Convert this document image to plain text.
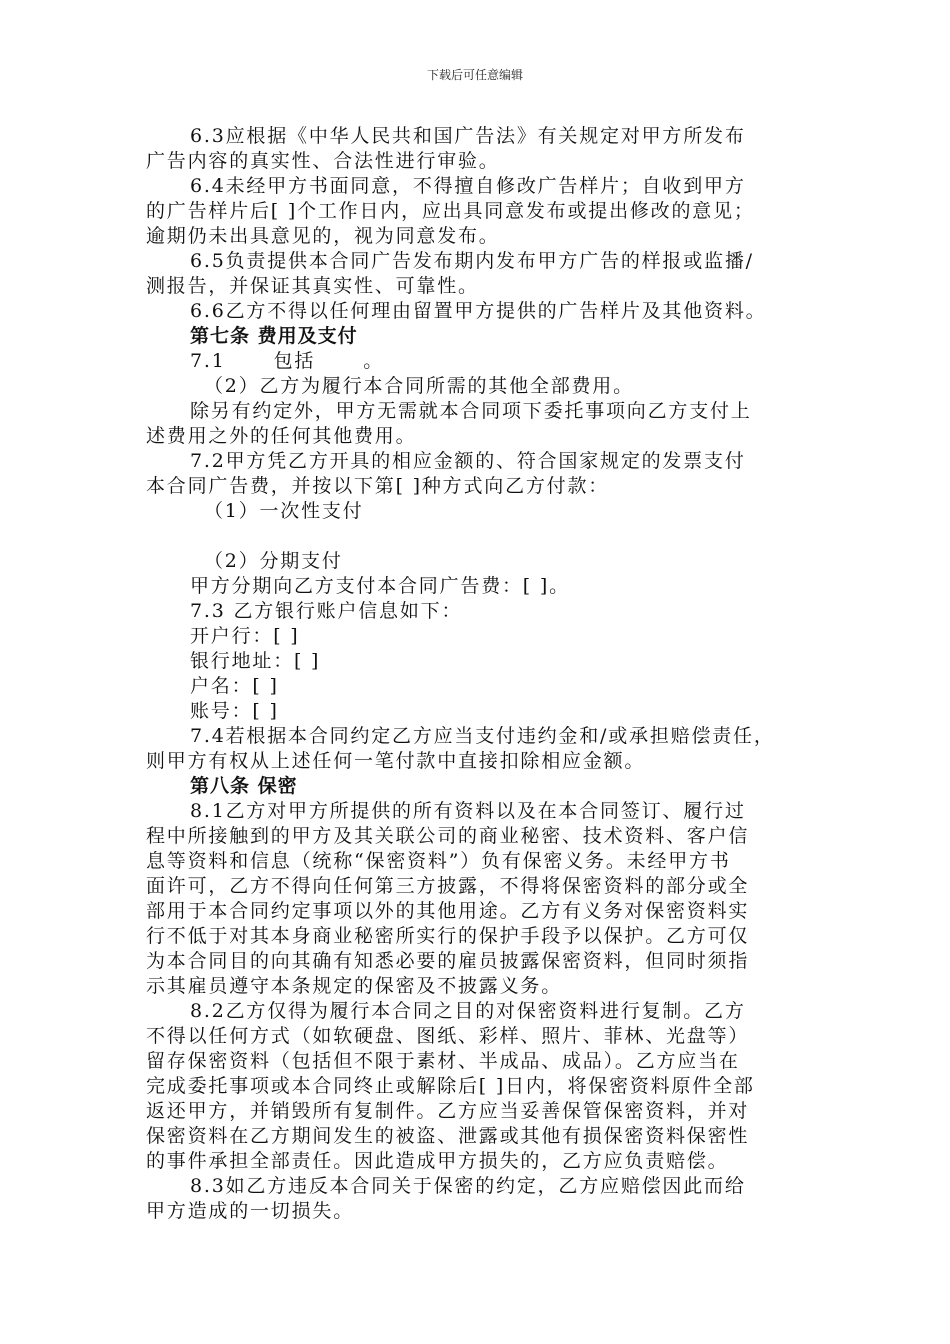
下载后可任意编辑
6.3应根据《中华人民共和国广告法》有关规定对甲方所发布
广告内容的真实性、合法性进行审验。
6.4未经甲方书面同意，不得擅自修改广告样片；自收到甲方
的广告样片后[ ]个工作日内，应出具同意发布或提出修改的意见；
逾期仍未出具意见的，视为同意发布。
6.5负责提供本合同广告发布期内发布甲方广告的样报或监播/
测报告，并保证其真实性、可靠性。
6.6乙方不得以任何理由留置甲方提供的广告样片及其他资料。
第七条 费用及支付
7.1	包括	。
（2）乙方为履行本合同所需的其他全部费用。
除另有约定外，甲方无需就本合同项下委托事项向乙方支付上
述费用之外的任何其他费用。
7.2甲方凭乙方开具的相应金额的、符合国家规定的发票支付
本合同广告费，并按以下第[ ]种方式向乙方付款：
（1）一次性支付
（2）分期支付
甲方分期向乙方支付本合同广告费：[ ]。
7.3 乙方银行账户信息如下：
开户行：[ ]
银行地址：[ ]
户名：[ ]
账号：[ ]
7.4若根据本合同约定乙方应当支付违约金和/或承担赔偿责任，
则甲方有权从上述任何一笔付款中直接扣除相应金额。
第八条 保密
8.1乙方对甲方所提供的所有资料以及在本合同签订、履行过
程中所接触到的甲方及其关联公司的商业秘密、技术资料、客户信
息等资料和信息（统称“保密资料”）负有保密义务。未经甲方书
面许可，乙方不得向任何第三方披露，不得将保密资料的部分或全
部用于本合同约定事项以外的其他用途。乙方有义务对保密资料实
行不低于对其本身商业秘密所实行的保护手段予以保护。乙方可仅
为本合同目的向其确有知悉必要的雇员披露保密资料，但同时须指
示其雇员遵守本条规定的保密及不披露义务。
8.2乙方仅得为履行本合同之目的对保密资料进行复制。乙方
不得以任何方式（如软硬盘、图纸、彩样、照片、菲林、光盘等）
留存保密资料（包括但不限于素材、半成品、成品）。乙方应当在
完成委托事项或本合同终止或解除后[ ]日内，将保密资料原件全部
返还甲方，并销毁所有复制件。乙方应当妥善保管保密资料，并对
保密资料在乙方期间发生的被盗、泄露或其他有损保密资料保密性
的事件承担全部责任。因此造成甲方损失的，乙方应负责赔偿。
8.3如乙方违反本合同关于保密的约定，乙方应赔偿因此而给
甲方造成的一切损失。
